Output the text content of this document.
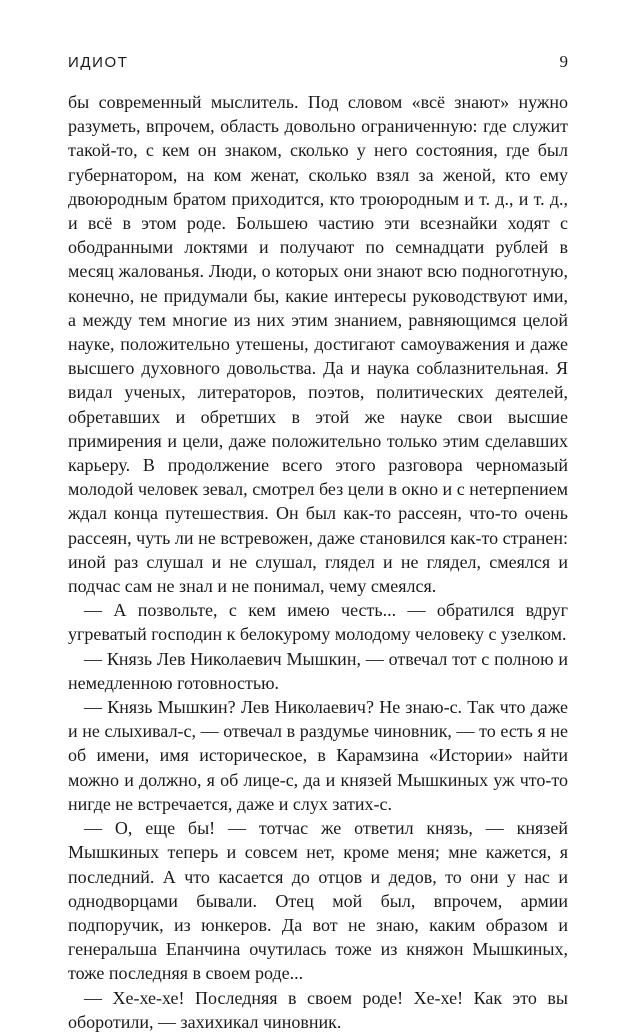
ИДИОТ	9

бы современный мыслитель. Под словом «всё знают» нужно разуметь, впрочем, область довольно ограниченную: где служит такой-то, с кем он знаком, сколько у него состояния, где был губернатором, на ком женат, сколько взял за женой, кто ему двоюродным братом приходится, кто троюродным и т. д., и т. д., и всё в этом роде. Большею частию эти всезнайки ходят с ободранными локтями и получают по семнадцати рублей в месяц жалованья. Люди, о которых они знают всю подноготную, конечно, не придумали бы, какие интересы руководствуют ими, а между тем многие из них этим знанием, равняющимся целой науке, положительно утешены, достигают самоуважения и даже высшего духовного довольства. Да и наука соблазнительная. Я видал ученых, литераторов, поэтов, политических деятелей, обретавших и обретших в этой же науке свои высшие примирения и цели, даже положительно только этим сделавших карьеру. В продолжение всего этого разговора черномазый молодой человек зевал, смотрел без цели в окно и с нетерпением ждал конца путешествия. Он был как-то рассеян, что-то очень рассеян, чуть ли не встревожен, даже становился как-то странен: иной раз слушал и не слушал, глядел и не глядел, смеялся и подчас сам не знал и не понимал, чему смеялся.

— А позвольте, с кем имею честь... — обратился вдруг угреватый господин к белокурому молодому человеку с узелком.

— Князь Лев Николаевич Мышкин, — отвечал тот с полною и немедленною готовностью.

— Князь Мышкин? Лев Николаевич? Не знаю-с. Так что даже и не слыхивал-с, — отвечал в раздумье чиновник, — то есть я не об имени, имя историческое, в Карамзина «Истории» найти можно и должно, я об лице-с, да и князей Мышкиных уж что-то нигде не встречается, даже и слух затих-с.

— О, еще бы! — тотчас же ответил князь, — князей Мышкиных теперь и совсем нет, кроме меня; мне кажется, я последний. А что касается до отцов и дедов, то они у нас и однодворцами бывали. Отец мой был, впрочем, армии подпоручик, из юнкеров. Да вот не знаю, каким образом и генеральша Епанчина очутилась тоже из княжон Мышкиных, тоже последняя в своем роде...

— Хе-хе-хе! Последняя в своем роде! Хе-хе! Как это вы оборотили, — захихикал чиновник.
